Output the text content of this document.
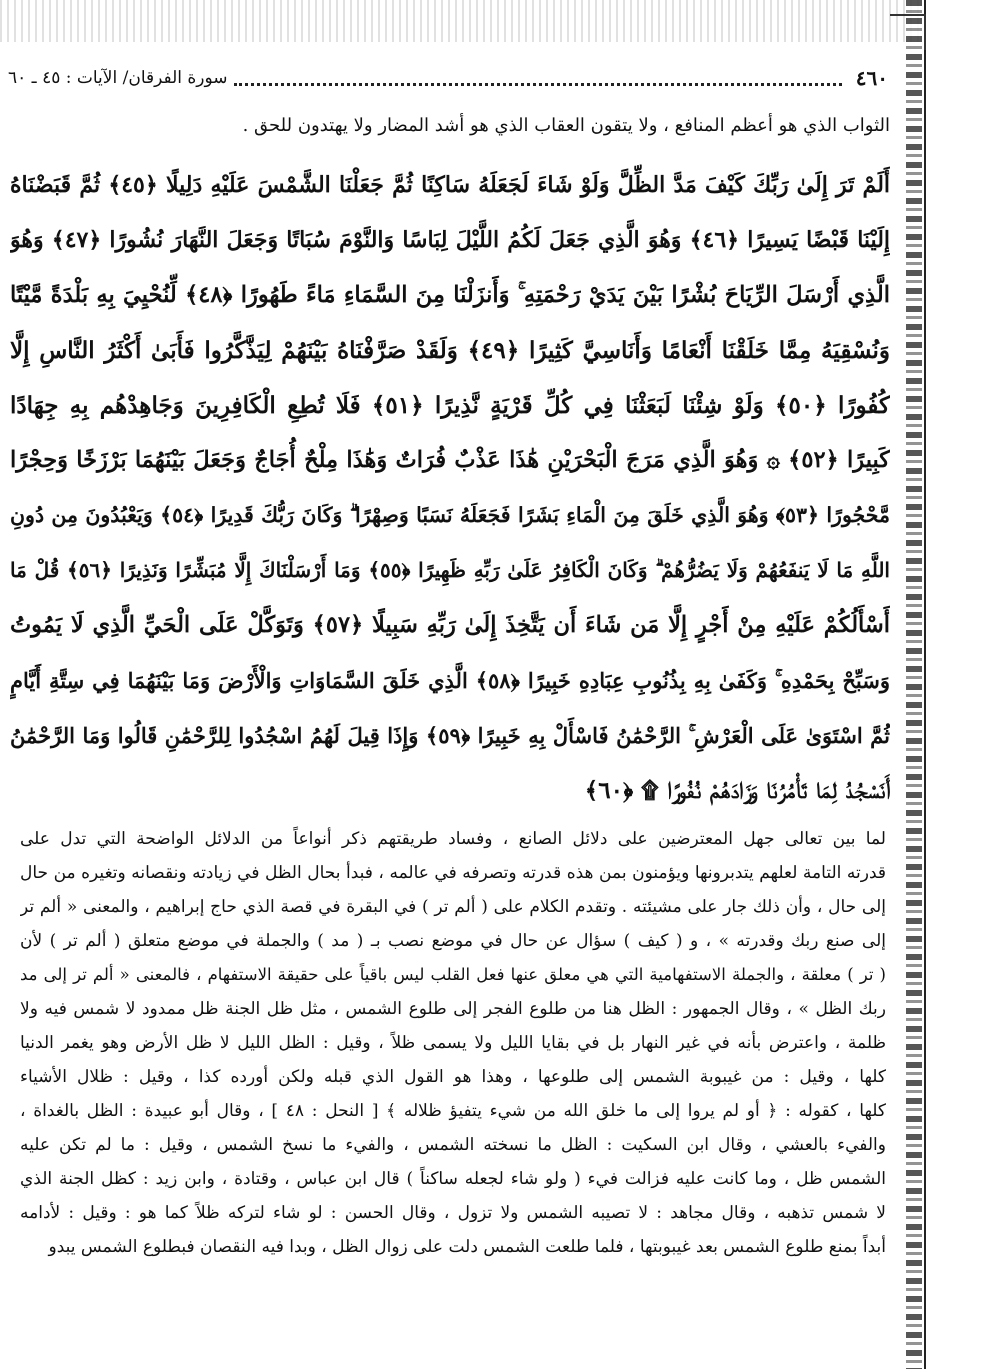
٤٦٠
سورة الفرقان/ الآيات : ٤٥ ـ ٦٠
الثواب الذي هو أعظم المنافع ، ولا يتقون العقاب الذي هو أشد المضار ولا يهتدون للحق .
أَلَمْ تَرَ إِلَىٰ رَبِّكَ كَيْفَ مَدَّ الظِّلَّ وَلَوْ شَاءَ لَجَعَلَهُ سَاكِنًا ثُمَّ جَعَلْنَا الشَّمْسَ عَلَيْهِ دَلِيلًا ﴿٤٥﴾ ثُمَّ قَبَضْنَاهُ
إِلَيْنَا قَبْضًا يَسِيرًا ﴿٤٦﴾ وَهُوَ الَّذِي جَعَلَ لَكُمُ اللَّيْلَ لِبَاسًا وَالنَّوْمَ سُبَاتًا وَجَعَلَ النَّهَارَ نُشُورًا ﴿٤٧﴾ وَهُوَ
الَّذِي أَرْسَلَ الرِّيَاحَ بُشْرًا بَيْنَ يَدَيْ رَحْمَتِهِ ۚ وَأَنزَلْنَا مِنَ السَّمَاءِ مَاءً طَهُورًا ﴿٤٨﴾ لِّنُحْيِيَ بِهِ بَلْدَةً مَّيْتًا
وَنُسْقِيَهُ مِمَّا خَلَقْنَا أَنْعَامًا وَأَنَاسِيَّ كَثِيرًا ﴿٤٩﴾ وَلَقَدْ صَرَّفْنَاهُ بَيْنَهُمْ لِيَذَّكَّرُوا فَأَبَىٰ أَكْثَرُ النَّاسِ إِلَّا
كُفُورًا ﴿٥٠﴾ وَلَوْ شِئْنَا لَبَعَثْنَا فِي كُلِّ قَرْيَةٍ نَّذِيرًا ﴿٥١﴾ فَلَا تُطِعِ الْكَافِرِينَ وَجَاهِدْهُم بِهِ جِهَادًا
كَبِيرًا ﴿٥٢﴾ ۞ وَهُوَ الَّذِي مَرَجَ الْبَحْرَيْنِ هَٰذَا عَذْبٌ فُرَاتٌ وَهَٰذَا مِلْحٌ أُجَاجٌ وَجَعَلَ بَيْنَهُمَا بَرْزَخًا وَحِجْرًا
مَّحْجُورًا ﴿٥٣﴾ وَهُوَ الَّذِي خَلَقَ مِنَ الْمَاءِ بَشَرًا فَجَعَلَهُ نَسَبًا وَصِهْرًا ۗ وَكَانَ رَبُّكَ قَدِيرًا ﴿٥٤﴾ وَيَعْبُدُونَ مِن دُونِ
اللَّهِ مَا لَا يَنفَعُهُمْ وَلَا يَضُرُّهُمْ ۗ وَكَانَ الْكَافِرُ عَلَىٰ رَبِّهِ ظَهِيرًا ﴿٥٥﴾ وَمَا أَرْسَلْنَاكَ إِلَّا مُبَشِّرًا وَنَذِيرًا ﴿٥٦﴾ قُلْ مَا
أَسْأَلُكُمْ عَلَيْهِ مِنْ أَجْرٍ إِلَّا مَن شَاءَ أَن يَتَّخِذَ إِلَىٰ رَبِّهِ سَبِيلًا ﴿٥٧﴾ وَتَوَكَّلْ عَلَى الْحَيِّ الَّذِي لَا يَمُوتُ
وَسَبِّحْ بِحَمْدِهِ ۚ وَكَفَىٰ بِهِ بِذُنُوبِ عِبَادِهِ خَبِيرًا ﴿٥٨﴾ الَّذِي خَلَقَ السَّمَاوَاتِ وَالْأَرْضَ وَمَا بَيْنَهُمَا فِي سِتَّةِ أَيَّامٍ
ثُمَّ اسْتَوَىٰ عَلَى الْعَرْشِ ۚ الرَّحْمَٰنُ فَاسْأَلْ بِهِ خَبِيرًا ﴿٥٩﴾ وَإِذَا قِيلَ لَهُمُ اسْجُدُوا لِلرَّحْمَٰنِ قَالُوا وَمَا الرَّحْمَٰنُ
أَنَسْجُدُ لِمَا تَأْمُرُنَا وَزَادَهُمْ نُفُورًا ۩ ﴿٦٠﴾
لما بين تعالى جهل المعترضين على دلائل الصانع ، وفساد طريقتهم ذكر أنواعاً من الدلائل الواضحة التي تدل على
قدرته التامة لعلهم يتدبرونها ويؤمنون بمن هذه قدرته وتصرفه في عالمه ، فبدأ بحال الظل في زيادته ونقصانه وتغيره من حال
إلى حال ، وأن ذلك جار على مشيئته . وتقدم الكلام على ( ألم تر ) في البقرة في قصة الذي حاج إبراهيم ، والمعنى « ألم تر
إلى صنع ربك وقدرته » ، و ( كيف ) سؤال عن حال في موضع نصب بـ ( مد ) والجملة في موضع متعلق ( ألم تر ) لأن
( تر ) معلقة ، والجملة الاستفهامية التي هي معلق عنها فعل القلب ليس باقياً على حقيقة الاستفهام ، فالمعنى « ألم تر إلى مد
ربك الظل » ، وقال الجمهور : الظل هنا من طلوع الفجر إلى طلوع الشمس ، مثل ظل الجنة ظل ممدود لا شمس فيه ولا
ظلمة ، واعترض بأنه في غير النهار بل في بقايا الليل ولا يسمى ظلاً ، وقيل : الظل الليل لا ظل الأرض وهو يغمر الدنيا
كلها ، وقيل : من غيبوبة الشمس إلى طلوعها ، وهذا هو القول الذي قبله ولكن أورده كذا ، وقيل : ظلال الأشياء
كلها ، كقوله : ﴿ أو لم يروا إلى ما خلق الله من شيء يتفيؤ ظلاله ﴾ [ النحل : ٤٨ ] ، وقال أبو عبيدة : الظل بالغداة ،
والفيء بالعشي ، وقال ابن السكيت : الظل ما نسخته الشمس ، والفيء ما نسخ الشمس ، وقيل : ما لم تكن عليه
الشمس ظل ، وما كانت عليه فزالت فيء ( ولو شاء لجعله ساكناً ) قال ابن عباس ، وقتادة ، وابن زيد : كظل الجنة الذي
لا شمس تذهبه ، وقال مجاهد : لا تصيبه الشمس ولا تزول ، وقال الحسن : لو شاء لتركه ظلاً كما هو : وقيل : لأدامه
أبداً بمنع طلوع الشمس بعد غيبوبتها ، فلما طلعت الشمس دلت على زوال الظل ، وبدا فيه النقصان فبطلوع الشمس يبدو
